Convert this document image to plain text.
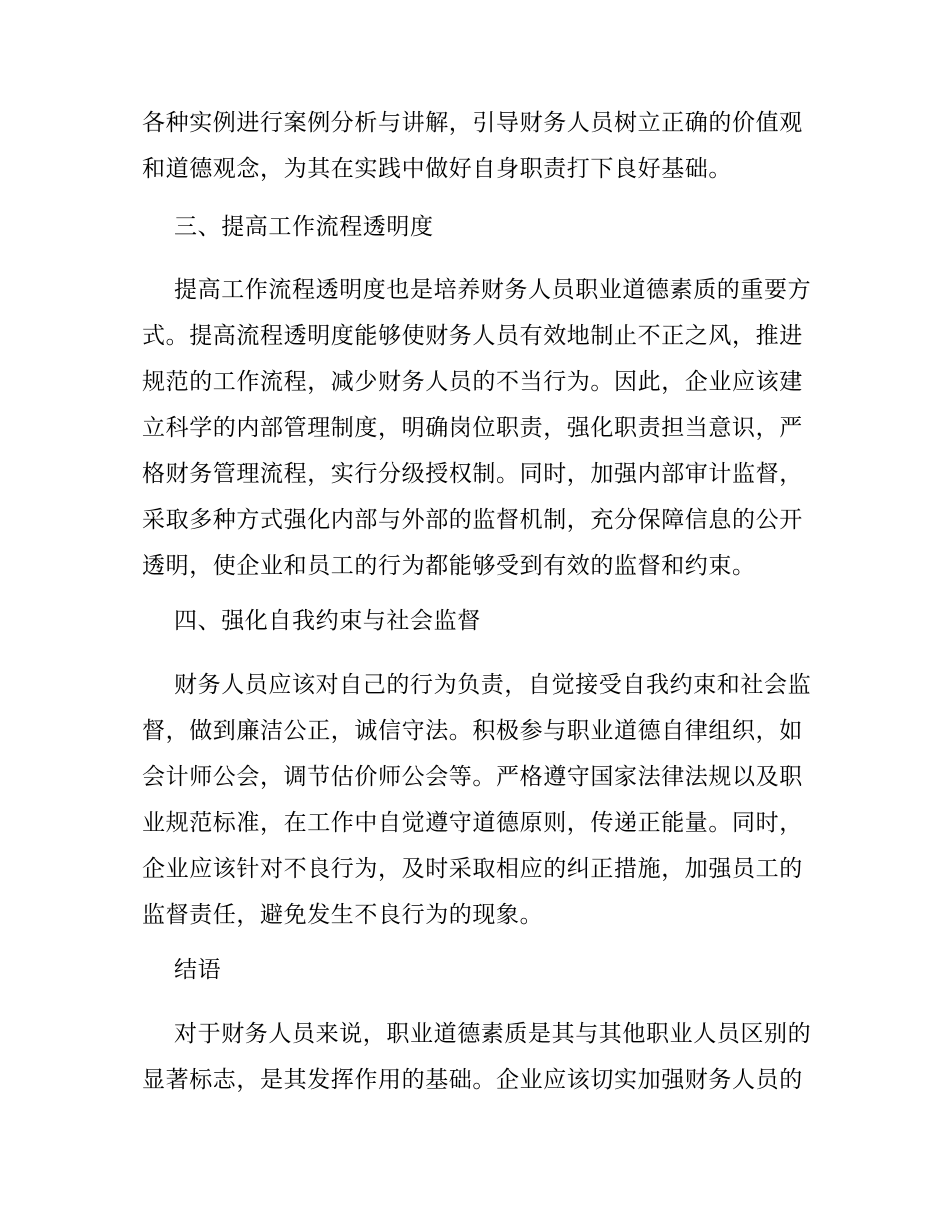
各种实例进行案例分析与讲解，引导财务人员树立正确的价值观

和道德观念，为其在实践中做好自身职责打下良好基础。

三、提高工作流程透明度

提高工作流程透明度也是培养财务人员职业道德素质的重要方

式。提高流程透明度能够使财务人员有效地制止不正之风，推进

规范的工作流程，减少财务人员的不当行为。因此，企业应该建

立科学的内部管理制度，明确岗位职责，强化职责担当意识，严

格财务管理流程，实行分级授权制。同时，加强内部审计监督，

采取多种方式强化内部与外部的监督机制，充分保障信息的公开

透明，使企业和员工的行为都能够受到有效的监督和约束。

四、强化自我约束与社会监督

财务人员应该对自己的行为负责，自觉接受自我约束和社会监

督，做到廉洁公正，诚信守法。积极参与职业道德自律组织，如

会计师公会，调节估价师公会等。严格遵守国家法律法规以及职

业规范标准，在工作中自觉遵守道德原则，传递正能量。同时，

企业应该针对不良行为，及时采取相应的纠正措施，加强员工的

监督责任，避免发生不良行为的现象。

结语

对于财务人员来说，职业道德素质是其与其他职业人员区别的

显著标志，是其发挥作用的基础。企业应该切实加强财务人员的
